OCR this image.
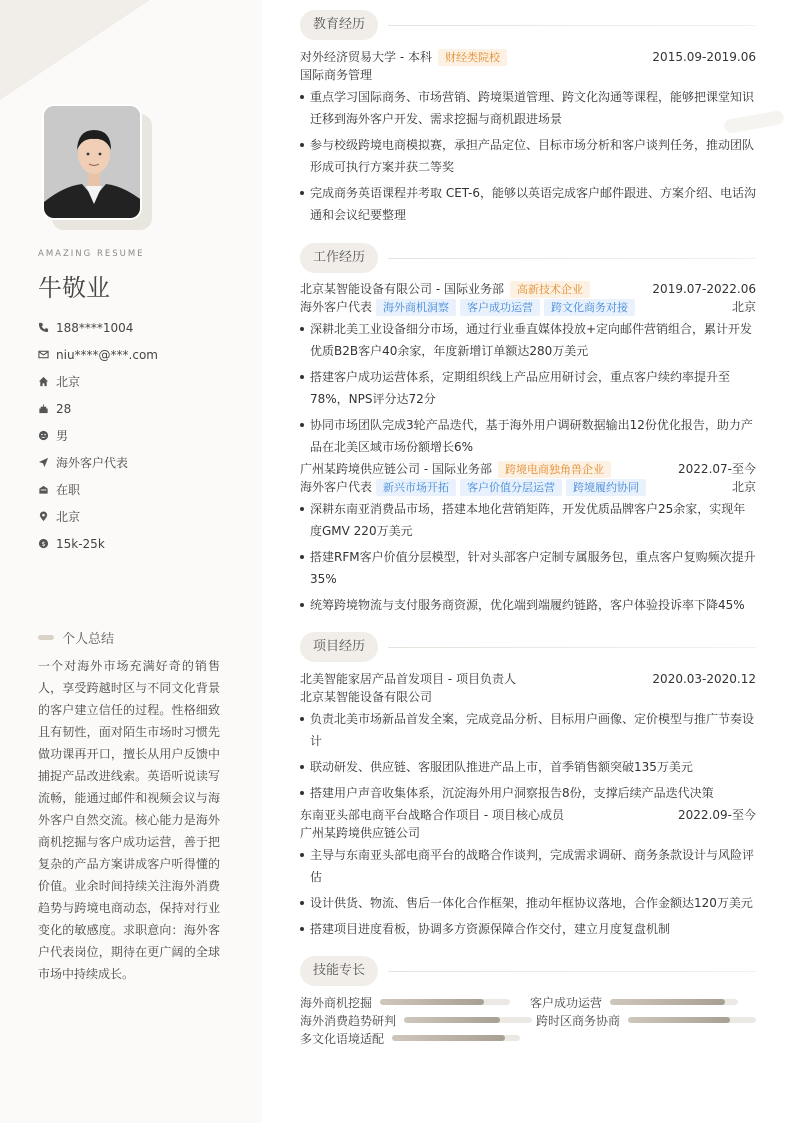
AMAZING RESUME
牛敬业
188****1004
niu****@***.com
北京
28
男
海外客户代表
在职
北京
$ 15k-25k
个人总结
一个对海外市场充满好奇的销售人，享受跨越时区与不同文化背景的客户建立信任的过程。性格细致且有韧性，面对陌生市场时习惯先做功课再开口，擅长从用户反馈中捕捉产品改进线索。英语听说读写流畅，能通过邮件和视频会议与海外客户自然交流。核心能力是海外商机挖掘与客户成功运营，善于把复杂的产品方案讲成客户听得懂的价值。业余时间持续关注海外消费趋势与跨境电商动态，保持对行业变化的敏感度。求职意向：海外客户代表岗位，期待在更广阔的全球市场中持续成长。
教育经历
对外经济贸易大学 - 本科	财经类院校	2015.09-2019.06
国际商务管理
重点学习国际商务、市场营销、跨境渠道管理、跨文化沟通等课程，能够把课堂知识迁移到海外客户开发、需求挖掘与商机跟进场景
参与校级跨境电商模拟赛，承担产品定位、目标市场分析和客户谈判任务，推动团队形成可执行方案并获二等奖
完成商务英语课程并考取 CET-6，能够以英语完成客户邮件跟进、方案介绍、电话沟通和会议纪要整理
工作经历
北京某智能设备有限公司 - 国际业务部	高新技术企业	2019.07-2022.06
海外客户代表	海外商机洞察	客户成功运营	跨文化商务对接	北京
深耕北美工业设备细分市场，通过行业垂直媒体投放+定向邮件营销组合，累计开发优质B2B客户40余家，年度新增订单额达280万美元
搭建客户成功运营体系，定期组织线上产品应用研讨会，重点客户续约率提升至78%，NPS评分达72分
协同市场团队完成3轮产品迭代，基于海外用户调研数据输出12份优化报告，助力产品在北美区域市场份额增长6%
广州某跨境供应链公司 - 国际业务部	跨境电商独角兽企业	2022.07-至今
海外客户代表	新兴市场开拓	客户价值分层运营	跨境履约协同	北京
深耕东南亚消费品市场，搭建本地化营销矩阵，开发优质品牌客户25余家，实现年度GMV 220万美元
搭建RFM客户价值分层模型，针对头部客户定制专属服务包，重点客户复购频次提升35%
统筹跨境物流与支付服务商资源，优化端到端履约链路，客户体验投诉率下降45%
项目经历
北美智能家居产品首发项目 - 项目负责人	2020.03-2020.12
北京某智能设备有限公司
负责北美市场新品首发全案，完成竞品分析、目标用户画像、定价模型与推广节奏设计
联动研发、供应链、客服团队推进产品上市，首季销售额突破135万美元
搭建用户声音收集体系，沉淀海外用户洞察报告8份，支撑后续产品迭代决策
东南亚头部电商平台战略合作项目 - 项目核心成员	2022.09-至今
广州某跨境供应链公司
主导与东南亚头部电商平台的战略合作谈判，完成需求调研、商务条款设计与风险评估
设计供货、物流、售后一体化合作框架，推动年框协议落地，合作金额达120万美元
搭建项目进度看板，协调多方资源保障合作交付，建立月度复盘机制
技能专长
海外商机挖掘	客户成功运营
海外消费趋势研判	跨时区商务协商
多文化语境适配
